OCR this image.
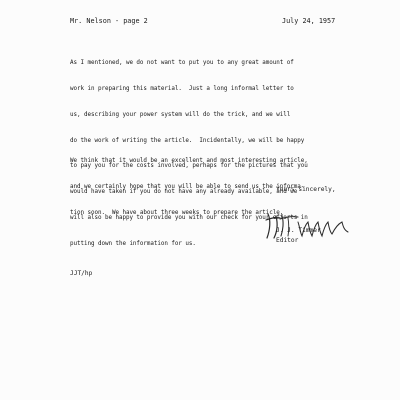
Mr. Nelson - page 2	July 24, 1957

As I mentioned, we do not want to put you to any great amount of

work in preparing this material.  Just a long informal letter to

us, describing your power system will do the trick, and we will

do the work of writing the article.  Incidentally, we will be happy

to pay you for the costs involved, perhaps for the pictures that you

would have taken if you do not have any already available, and we

will also be happy to provide you with our check for your efforts in

putting down the information for us.

We think that it would be an excellent and most interesting article,

and we certainly hope that you will be able to send us the informa-

tion soon.  We have about three weeks to prepare the article.

Yours sincerely,
J. J. Timmer
Editor
JJT/hp
